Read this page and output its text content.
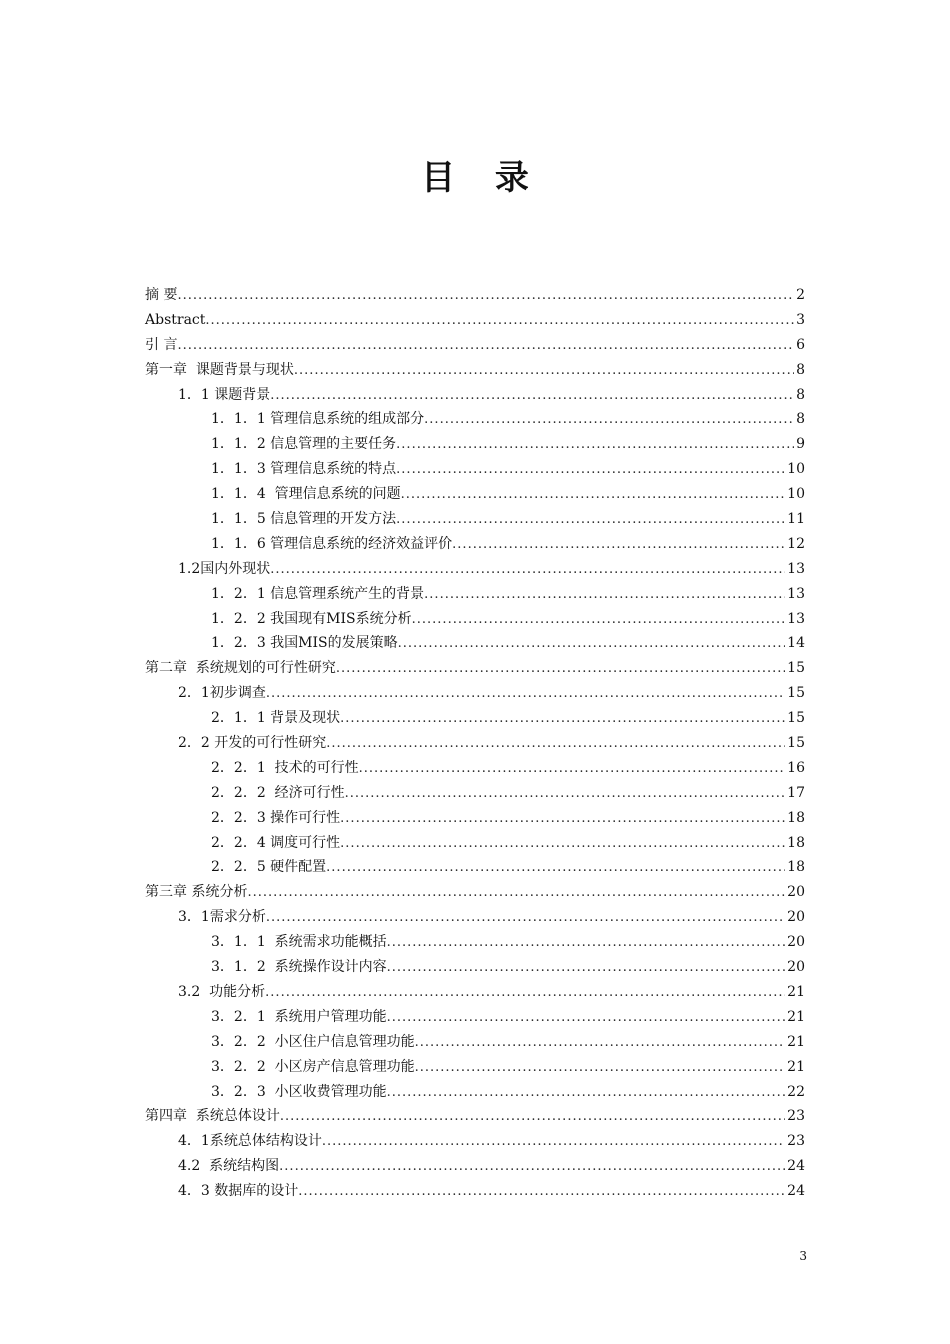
目 录
摘 要 .....	2
Abstract .....	3
引 言 .....	6
第一章  课题背景与现状 .....	8
1．1 课题背景 .....	8
1．1．1 管理信息系统的组成部分 .....	8
1．1．2 信息管理的主要任务 .....	9
1．1．3 管理信息系统的特点 .....	10
1．1．4  管理信息系统的问题 .....	10
1．1．5 信息管理的开发方法 .....	11
1．1．6 管理信息系统的经济效益评价 .....	12
1.2国内外现状 .....	13
1．2．1 信息管理系统产生的背景 .....	13
1．2．2 我国现有MIS系统分析 .....	13
1．2．3 我国MIS的发展策略 .....	14
第二章  系统规划的可行性研究 .....	15
2．1初步调查 .....	15
2．1．1 背景及现状 .....	15
2．2 开发的可行性研究 .....	15
2．2．1  技术的可行性 .....	16
2．2．2  经济可行性 .....	17
2．2．3 操作可行性 .....	18
2．2．4 调度可行性 .....	18
2．2．5 硬件配置 .....	18
第三章 系统分析 .....	20
3．1需求分析 .....	20
3．1．1  系统需求功能概括 .....	20
3．1．2  系统操作设计内容 .....	20
3.2  功能分析 .....	21
3．2．1  系统用户管理功能 .....	21
3．2．2  小区住户信息管理功能 .....	21
3．2．2  小区房产信息管理功能 .....	21
3．2．3  小区收费管理功能 .....	22
第四章  系统总体设计 .....	23
4．1系统总体结构设计 .....	23
4.2  系统结构图 .....	24
4．3 数据库的设计 .....	24
3
